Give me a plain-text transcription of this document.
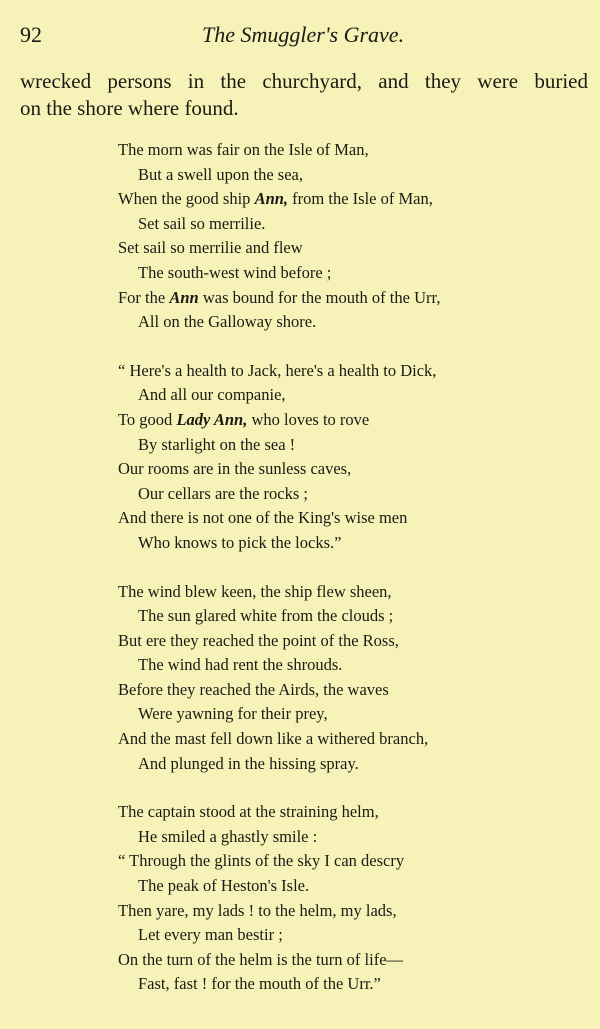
92	The Smuggler's Grave.

wrecked persons in the churchyard, and they were buried

on the shore where found.

The morn was fair on the Isle of Man,
But a swell upon the sea,
When the good ship Ann, from the Isle of Man,
Set sail so merrilie.
Set sail so merrilie and flew
The south-west wind before ;
For the Ann was bound for the mouth of the Urr,
All on the Galloway shore.
“ Here's a health to Jack, here's a health to Dick,
And all our companie,
To good Lady Ann, who loves to rove
By starlight on the sea !
Our rooms are in the sunless caves,
Our cellars are the rocks ;
And there is not one of the King's wise men
Who knows to pick the locks.”
The wind blew keen, the ship flew sheen,
The sun glared white from the clouds ;
But ere they reached the point of the Ross,
The wind had rent the shrouds.
Before they reached the Airds, the waves
Were yawning for their prey,
And the mast fell down like a withered branch,
And plunged in the hissing spray.
The captain stood at the straining helm,
He smiled a ghastly smile :
“ Through the glints of the sky I can descry
The peak of Heston's Isle.
Then yare, my lads ! to the helm, my lads,
Let every man bestir ;
On the turn of the helm is the turn of life—
Fast, fast ! for the mouth of the Urr.”
